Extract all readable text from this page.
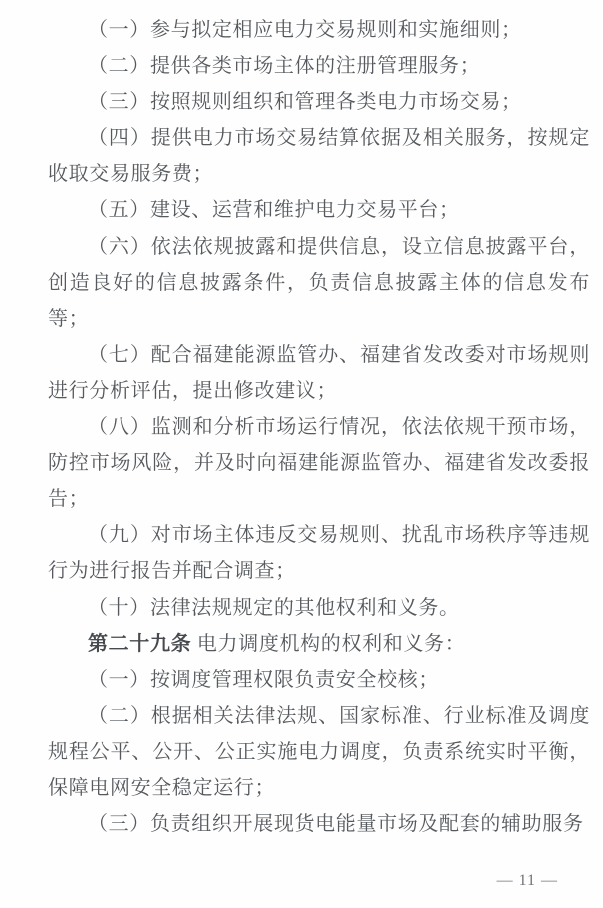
（一）参与拟定相应电力交易规则和实施细则；

（二）提供各类市场主体的注册管理服务；

（三）按照规则组织和管理各类电力市场交易；

（四）提供电力市场交易结算依据及相关服务，按规定收取交易服务费；

（五）建设、运营和维护电力交易平台；

（六）依法依规披露和提供信息，设立信息披露平台，创造良好的信息披露条件，负责信息披露主体的信息发布等；

（七）配合福建能源监管办、福建省发改委对市场规则进行分析评估，提出修改建议；

（八）监测和分析市场运行情况，依法依规干预市场，防控市场风险，并及时向福建能源监管办、福建省发改委报告；

（九）对市场主体违反交易规则、扰乱市场秩序等违规行为进行报告并配合调查；

（十）法律法规规定的其他权利和义务。

第二十九条 电力调度机构的权利和义务：

（一）按调度管理权限负责安全校核；

（二）根据相关法律法规、国家标准、行业标准及调度规程公平、公开、公正实施电力调度，负责系统实时平衡，保障电网安全稳定运行；

（三）负责组织开展现货电能量市场及配套的辅助服务

— 11 —
